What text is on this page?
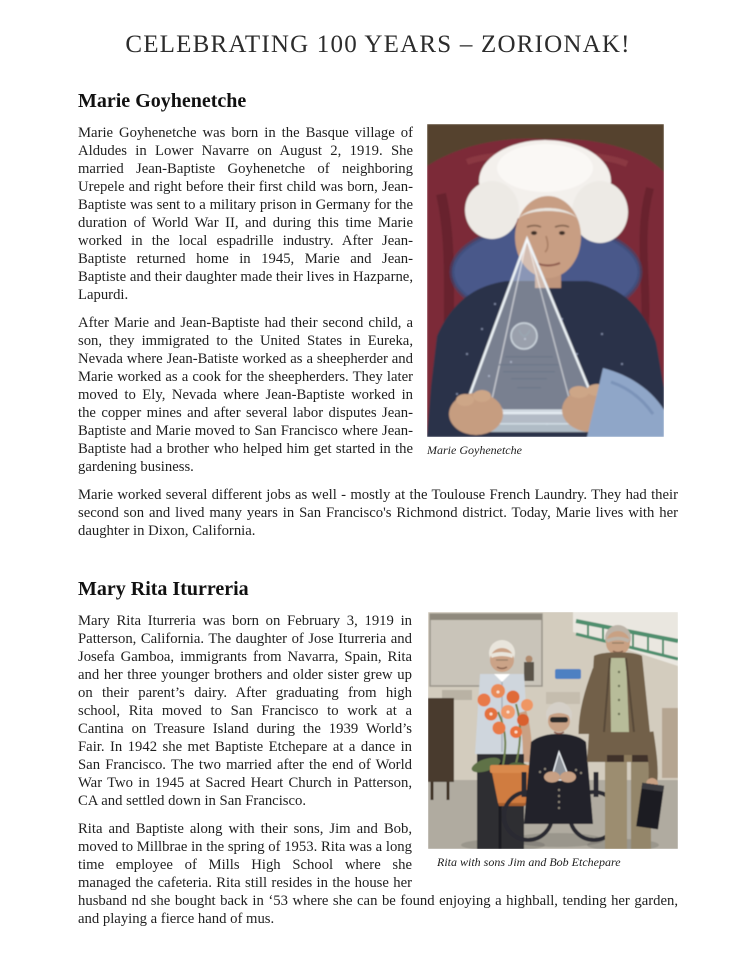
CELEBRATING 100 YEARS – ZORIONAK!
Marie Goyhenetche
Marie Goyhenetche

Marie Goyhenetche was born in the Basque village of Aldudes in Lower Navarre on August 2, 1919. She married Jean-Baptiste Goyhenetche of neighboring Urepele and right before their first child was born, Jean-Baptiste was sent to a military prison in Germany for the duration of World War II, and during this time Marie worked in the local espadrille industry. After Jean-Baptiste returned home in 1945, Marie and Jean-Baptiste and their daughter made their lives in Hazparne, Lapurdi.

After Marie and Jean-Baptiste had their second child, a son, they immigrated to the United States in Eureka, Nevada where Jean-Batiste worked as a sheepherder and Marie worked as a cook for the sheepherders. They later moved to Ely, Nevada where Jean-Baptiste worked in the copper mines and after several labor disputes Jean-Baptiste and Marie moved to San Francisco where Jean-Baptiste had a brother who helped him get started in the gardening business.

Marie worked several different jobs as well - mostly at the Toulouse French Laundry. They had their second son and lived many years in San Francisco's Richmond district. Today, Marie lives with her daughter in Dixon, California.

Mary Rita Iturreria
Rita with sons Jim and Bob Etchepare

Mary Rita Iturreria was born on February 3, 1919 in Patterson, California. The daughter of Jose Iturreria and Josefa Gamboa, immigrants from Navarra, Spain, Rita and her three younger brothers and older sister grew up on their parent’s dairy. After graduating from high school, Rita moved to San Francisco to work at a Cantina on Treasure Island during the 1939 World’s Fair. In 1942 she met Baptiste Etchepare at a dance in San Francisco. The two married after the end of World War Two in 1945 at Sacred Heart Church in Patterson, CA and settled down in San Francisco.

Rita and Baptiste along with their sons, Jim and Bob, moved to Millbrae in the spring of 1953. Rita was a long time employee of Mills High School where she managed the cafeteria. Rita still resides in the house her husband nd she bought back in ‘53 where she can be found enjoying a highball, tending her garden, and playing a fierce hand of mus.
